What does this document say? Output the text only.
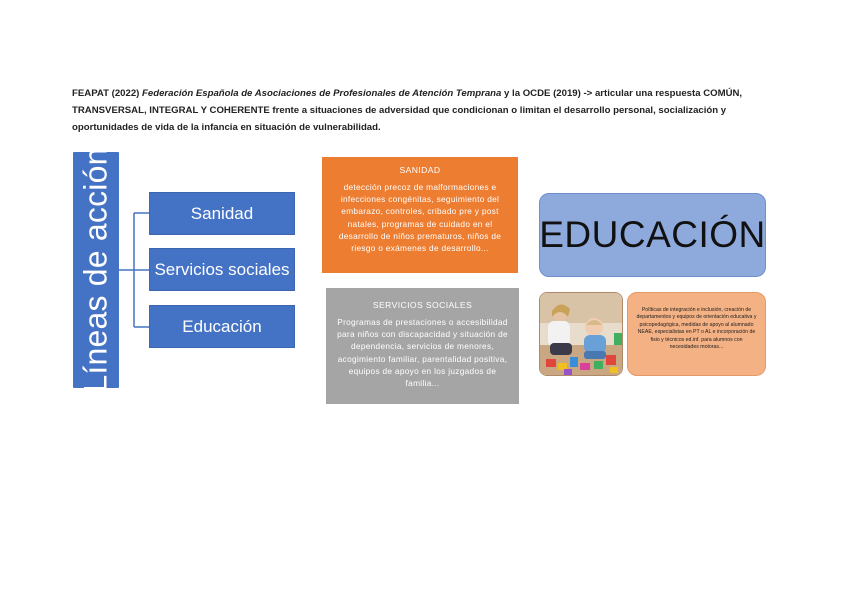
FEAPAT (2022) Federación Española de Asociaciones de Profesionales de Atención Temprana y la OCDE (2019) -> articular una respuesta COMÚN, TRANSVERSAL, INTEGRAL Y COHERENTE frente a situaciones de adversidad que condicionan o limitan el desarrollo personal, socialización y oportunidades de vida de la infancia en situación de vulnerabilidad.
Líneas de acción	Sanidad
Servicios sociales
Educación
SANIDAD
detección precoz de malformaciones e infecciones congénitas, seguimiento del embarazo, controles, cribado pre y post natales, programas de cuidado en el desarrollo de niños prematuros, niños de riesgo o exámenes de desarrollo...
SERVICIOS SOCIALES
Programas de prestaciones o accesibilidad para niños con discapacidad y situación de dependencia, servicios de menores, acogimiento familiar, parentalidad positiva, equipos de apoyo en los juzgados de familia...
EDUCACIÓN
Políticas de integración e inclusión, creación de departamentos y equipos de orientación educativa y psicopedagógica, medidas de apoyo al alumnado NEAE, especialistas en PT o AL e incorporación de fisio y técnicos ed.inf. para alumnos con necesidades motoras...
